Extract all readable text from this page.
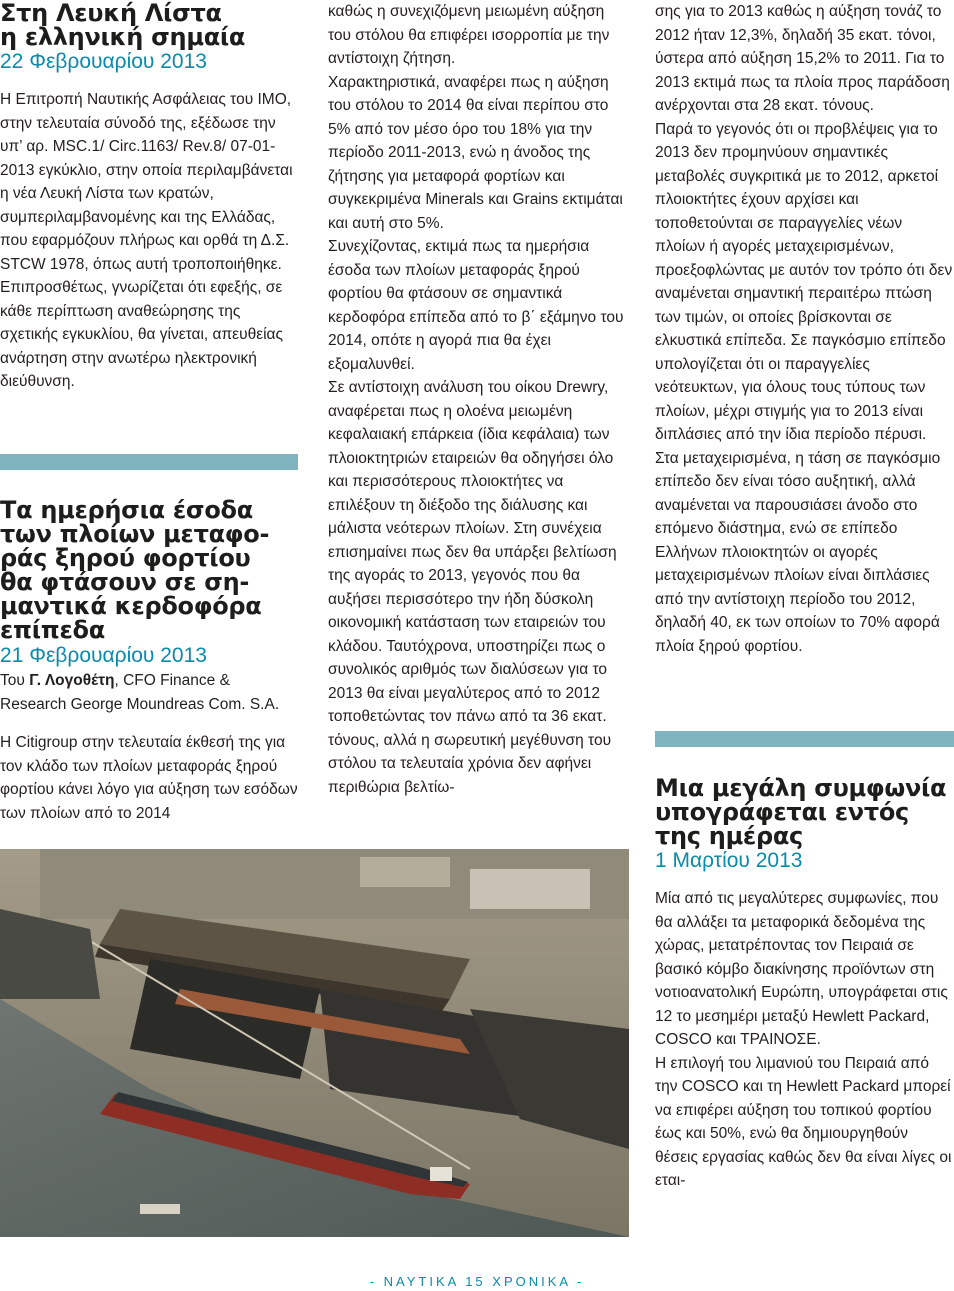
Στη Λευκή Λίστα
η ελληνική σημαία
22 Φεβρουαρίου 2013

Η Επιτροπή Ναυτικής Ασφάλειας του IMO, στην τελευταία σύνοδό της, εξέδωσε την υπ’ αρ. MSC.1/ Circ.1163/ Rev.8/ 07-01-2013 εγκύκλιο, στην οποία περιλαμβάνεται η νέα Λευκή Λίστα των κρατών, συμπεριλαμβανομένης και της Ελλάδας, που εφαρμόζουν πλήρως και ορθά τη Δ.Σ. STCW 1978, όπως αυτή τροποποιήθηκε.

Επιπροσθέτως, γνωρίζεται ότι εφεξής, σε κάθε περίπτωση αναθεώρησης της σχετικής εγκυκλίου, θα γίνεται, απευθείας ανάρτηση στην ανωτέρω ηλεκτρονική διεύθυνση.

Τα ημερήσια έσοδα
των πλοίων μεταφο-
ράς ξηρού φορτίου
θα φτάσουν σε ση-
μαντικά κερδοφόρα
επίπεδα
21 Φεβρουαρίου 2013
Του Γ. Λογοθέτη, CFO Finance & Research George Moundreas Com. S.A.

Η Citigroup στην τελευταία έκθεσή της για τον κλάδο των πλοίων μεταφοράς ξηρού φορτίου κάνει λόγο για αύξηση των εσόδων των πλοίων από το 2014

καθώς η συνεχιζόμενη μειωμένη αύξηση του στόλου θα επιφέρει ισορροπία με την αντίστοιχη ζήτηση.

Χαρακτηριστικά, αναφέρει πως η αύξηση του στόλου το 2014 θα είναι περίπου στο 5% από τον μέσο όρο του 18% για την περίοδο 2011-2013, ενώ η άνοδος της ζήτησης για μεταφορά φορτίων και συγκεκριμένα Minerals και Grains εκτιμάται και αυτή στο 5%.

Συνεχίζοντας, εκτιμά πως τα ημερήσια έσοδα των πλοίων μεταφοράς ξηρού φορτίου θα φτάσουν σε σημαντικά κερδοφόρα επίπεδα από το β΄ εξάμηνο του 2014, οπότε η αγορά πια θα έχει εξομαλυνθεί.

Σε αντίστοιχη ανάλυση του οίκου Drewry, αναφέρεται πως η ολοένα μειωμένη κεφαλαιακή επάρκεια (ίδια κεφάλαια) των πλοιοκτητριών εταιρειών θα οδηγήσει όλο και περισσότερους πλοιοκτήτες να επιλέξουν τη διέξοδο της διάλυσης και μάλιστα νεότερων πλοίων. Στη συνέχεια επισημαίνει πως δεν θα υπάρξει βελτίωση της αγοράς το 2013, γεγονός που θα αυξήσει περισσότερο την ήδη δύσκολη οικονομική κατάσταση των εταιρειών του κλάδου. Ταυτόχρονα, υποστηρίζει πως ο συνολικός αριθμός των διαλύσεων για το 2013 θα είναι μεγαλύτερος από το 2012 τοποθετώντας τον πάνω από τα 36 εκατ. τόνους, αλλά η σωρευτική μεγέθυνση του στόλου τα τελευταία χρόνια δεν αφήνει περιθώρια βελτίω-

σης για το 2013 καθώς η αύξηση τονάζ το 2012 ήταν 12,3%, δηλαδή 35 εκατ. τόνοι, ύστερα από αύξηση 15,2% το 2011. Για το 2013 εκτιμά πως τα πλοία προς παράδοση ανέρχονται στα 28 εκατ. τόνους.

Παρά το γεγονός ότι οι προβλέψεις για το 2013 δεν προμηνύουν σημαντικές μεταβολές συγκριτικά με το 2012, αρκετοί πλοιοκτήτες έχουν αρχίσει και τοποθετούνται σε παραγγελίες νέων πλοίων ή αγορές μεταχειρισμένων, προεξοφλώντας με αυτόν τον τρόπο ότι δεν αναμένεται σημαντική περαιτέρω πτώση των τιμών, οι οποίες βρίσκονται σε ελκυστικά επίπεδα. Σε παγκόσμιο επίπεδο υπολογίζεται ότι οι παραγγελίες νεότευκτων, για όλους τους τύπους των πλοίων, μέχρι στιγμής για το 2013 είναι διπλάσιες από την ίδια περίοδο πέρυσι. Στα μεταχειρισμένα, η τάση σε παγκόσμιο επίπεδο δεν είναι τόσο αυξητική, αλλά αναμένεται να παρουσιάσει άνοδο στο επόμενο διάστημα, ενώ σε επίπεδο Ελλήνων πλοιοκτητών οι αγορές μεταχειρισμένων πλοίων είναι διπλάσιες από την αντίστοιχη περίοδο του 2012, δηλαδή 40, εκ των οποίων το 70% αφορά πλοία ξηρού φορτίου.

Μια μεγάλη συμφωνία
υπογράφεται εντός
της ημέρας
1 Μαρτίου 2013

Μία από τις μεγαλύτερες συμφωνίες, που θα αλλάξει τα μεταφορικά δεδομένα της χώρας, μετατρέποντας τον Πειραιά σε βασικό κόμβο διακίνησης προϊόντων στη νοτιοανατολική Ευρώπη, υπογράφεται στις 12 το μεσημέρι μεταξύ Hewlett Packard, COSCO και ΤΡΑΙΝΟΣΕ.

Η επιλογή του λιμανιού του Πειραιά από την COSCO και τη Hewlett Packard μπορεί να επιφέρει αύξηση του τοπικού φορτίου έως και 50%, ενώ θα δημιουργηθούν θέσεις εργασίας καθώς δεν θα είναι λίγες οι εται-

- ΝΑΥΤΙΚΑ 15 ΧΡΟΝΙΚΑ -
